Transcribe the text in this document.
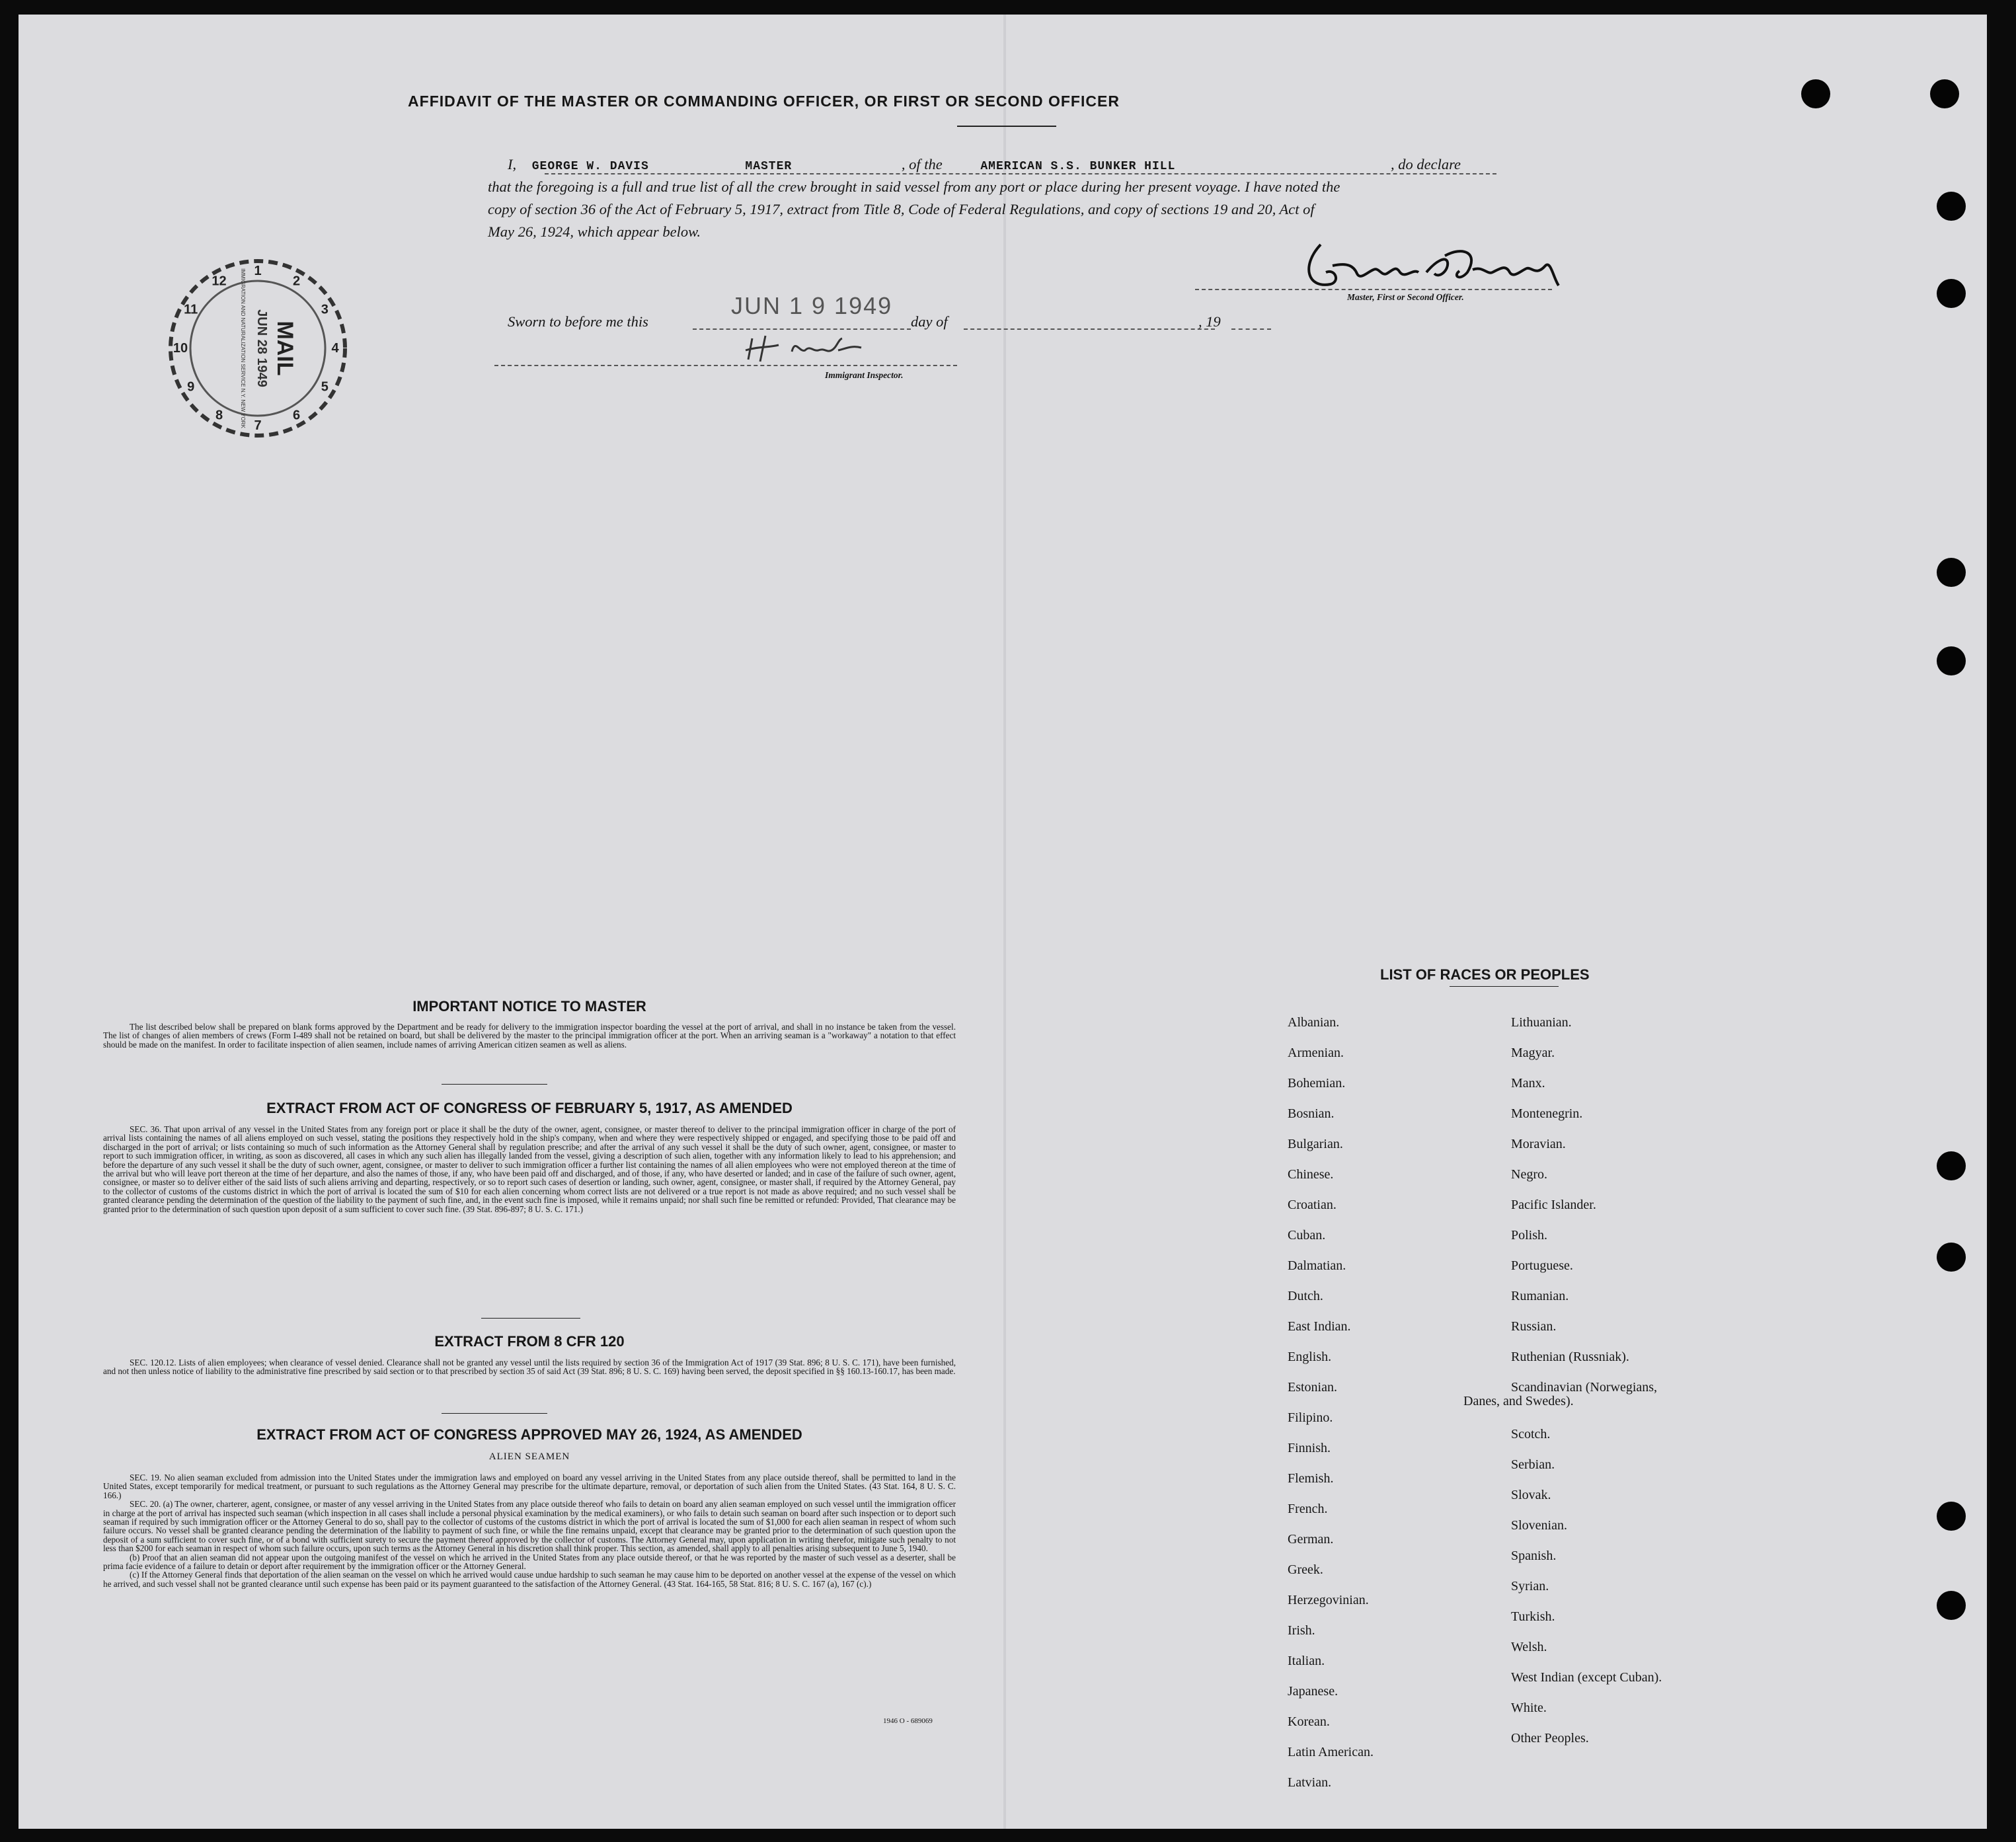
AFFIDAVIT OF THE MASTER OR COMMANDING OFFICER, OR FIRST OR SECOND OFFICER
I, GEORGE W. DAVIS	MASTER	, of the	AMERICAN S.S. BUNKER HILL	, do declare
that the foregoing is a full and true list of all the crew brought in said vessel from any port or place during her present voyage. I have noted the
copy of section 36 of the Act of February 5, 1917, extract from Title 8, Code of Federal Regulations, and copy of sections 19 and 20, Act of
May 26, 1924, which appear below.
Master, First or Second Officer.
Sworn to before me this
JUN 1 9 1949
day of	, 19
Immigrant Inspector.
1
2
3
4
5
6
7
8
9
10
11
12
MAIL
JUN 28 1949
IMMIGRATION AND NATURALIZATION SERVICE N.Y. NEW YORK
IMPORTANT NOTICE TO MASTER

The list described below shall be prepared on blank forms approved by the Department and be ready for delivery to the immigration inspector boarding the vessel at the port of arrival, and shall in no instance be taken from the vessel. The list of changes of alien members of crews (Form I-489 shall not be retained on board, but shall be delivered by the master to the principal immigration officer at the port. When an arriving seaman is a "workaway" a notation to that effect should be made on the manifest. In order to facilitate inspection of alien seamen, include names of arriving American citizen seamen as well as aliens.

EXTRACT FROM ACT OF CONGRESS OF FEBRUARY 5, 1917, AS AMENDED

SEC. 36. That upon arrival of any vessel in the United States from any foreign port or place it shall be the duty of the owner, agent, consignee, or master thereof to deliver to the principal immigration officer in charge of the port of arrival lists containing the names of all aliens employed on such vessel, stating the positions they respectively hold in the ship's company, when and where they were respectively shipped or engaged, and specifying those to be paid off and discharged in the port of arrival; or lists containing so much of such information as the Attorney General shall by regulation prescribe; and after the arrival of any such vessel it shall be the duty of such owner, agent, consignee, or master to report to such immigration officer, in writing, as soon as discovered, all cases in which any such alien has illegally landed from the vessel, giving a description of such alien, together with any information likely to lead to his apprehension; and before the departure of any such vessel it shall be the duty of such owner, agent, consignee, or master to deliver to such immigration officer a further list containing the names of all alien employees who were not employed thereon at the time of the arrival but who will leave port thereon at the time of her departure, and also the names of those, if any, who have been paid off and discharged, and of those, if any, who have deserted or landed; and in case of the failure of such owner, agent, consignee, or master so to deliver either of the said lists of such aliens arriving and departing, respectively, or so to report such cases of desertion or landing, such owner, agent, consignee, or master shall, if required by the Attorney General, pay to the collector of customs of the customs district in which the port of arrival is located the sum of $10 for each alien concerning whom correct lists are not delivered or a true report is not made as above required; and no such vessel shall be granted clearance pending the determination of the question of the liability to the payment of such fine, and, in the event such fine is imposed, while it remains unpaid; nor shall such fine be remitted or refunded: Provided, That clearance may be granted prior to the determination of such question upon deposit of a sum sufficient to cover such fine. (39 Stat. 896-897; 8 U. S. C. 171.)

EXTRACT FROM 8 CFR 120

SEC. 120.12. Lists of alien employees; when clearance of vessel denied. Clearance shall not be granted any vessel until the lists required by section 36 of the Immigration Act of 1917 (39 Stat. 896; 8 U. S. C. 171), have been furnished, and not then unless notice of liability to the administrative fine prescribed by said section or to that prescribed by section 35 of said Act (39 Stat. 896; 8 U. S. C. 169) having been served, the deposit specified in §§ 160.13-160.17, has been made.

EXTRACT FROM ACT OF CONGRESS APPROVED MAY 26, 1924, AS AMENDED
ALIEN SEAMEN

SEC. 19. No alien seaman excluded from admission into the United States under the immigration laws and employed on board any vessel arriving in the United States from any place outside thereof, shall be permitted to land in the United States, except temporarily for medical treatment, or pursuant to such regulations as the Attorney General may prescribe for the ultimate departure, removal, or deportation of such alien from the United States. (43 Stat. 164, 8 U. S. C. 166.)

SEC. 20. (a) The owner, charterer, agent, consignee, or master of any vessel arriving in the United States from any place outside thereof who fails to detain on board any alien seaman employed on such vessel until the immigration officer in charge at the port of arrival has inspected such seaman (which inspection in all cases shall include a personal physical examination by the medical examiners), or who fails to detain such seaman on board after such inspection or to deport such seaman if required by such immigration officer or the Attorney General to do so, shall pay to the collector of customs of the customs district in which the port of arrival is located the sum of $1,000 for each alien seaman in respect of whom such failure occurs. No vessel shall be granted clearance pending the determination of the liability to payment of such fine, or while the fine remains unpaid, except that clearance may be granted prior to the determination of such question upon the deposit of a sum sufficient to cover such fine, or of a bond with sufficient surety to secure the payment thereof approved by the collector of customs. The Attorney General may, upon application in writing therefor, mitigate such penalty to not less than $200 for each seaman in respect of whom such failure occurs, upon such terms as the Attorney General in his discretion shall think proper. This section, as amended, shall apply to all penalties arising subsequent to June 5, 1940.

(b) Proof that an alien seaman did not appear upon the outgoing manifest of the vessel on which he arrived in the United States from any place outside thereof, or that he was reported by the master of such vessel as a deserter, shall be prima facie evidence of a failure to detain or deport after requirement by the immigration officer or the Attorney General.

(c) If the Attorney General finds that deportation of the alien seaman on the vessel on which he arrived would cause undue hardship to such seaman he may cause him to be deported on another vessel at the expense of the vessel on which he arrived, and such vessel shall not be granted clearance until such expense has been paid or its payment guaranteed to the satisfaction of the Attorney General. (43 Stat. 164-165, 58 Stat. 816; 8 U. S. C. 167 (a), 167 (c).)

1946 O - 689069
LIST OF RACES OR PEOPLES
Albanian.
Armenian.
Bohemian.
Bosnian.
Bulgarian.
Chinese.
Croatian.
Cuban.
Dalmatian.
Dutch.
East Indian.
English.
Estonian.
Filipino.
Finnish.
Flemish.
French.
German.
Greek.
Herzegovinian.
Irish.
Italian.
Japanese.
Korean.
Latin American.
Latvian.
Lithuanian.
Magyar.
Manx.
Montenegrin.
Moravian.
Negro.
Pacific Islander.
Polish.
Portuguese.
Rumanian.
Russian.
Ruthenian (Russniak).
Scandinavian (Norwegians,
Danes, and Swedes).
Scotch.
Serbian.
Slovak.
Slovenian.
Spanish.
Syrian.
Turkish.
Welsh.
West Indian (except Cuban).
White.
Other Peoples.
